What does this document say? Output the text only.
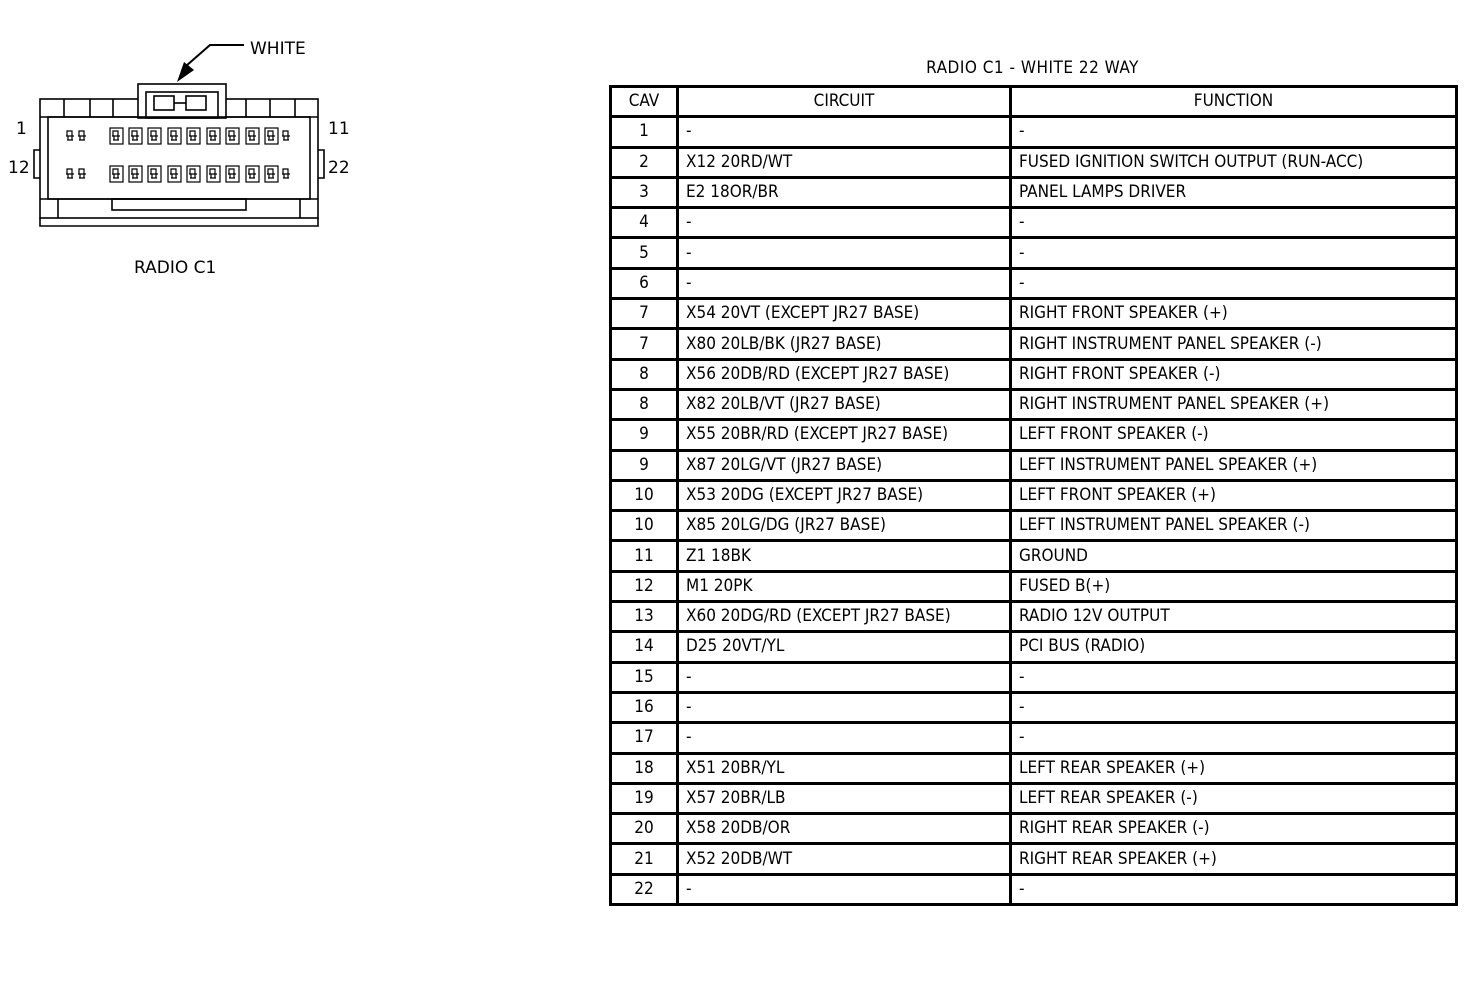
WHITE
1	11
12	22
RADIO C1
RADIO C1 - WHITE 22 WAY
CAV	CIRCUIT	FUNCTION
1	-	-
2	X12 20RD/WT	FUSED IGNITION SWITCH OUTPUT (RUN-ACC)
3	E2 18OR/BR	PANEL LAMPS DRIVER
4	-	-
5	-	-
6	-	-
7	X54 20VT (EXCEPT JR27 BASE)	RIGHT FRONT SPEAKER (+)
7	X80 20LB/BK (JR27 BASE)	RIGHT INSTRUMENT PANEL SPEAKER (-)
8	X56 20DB/RD (EXCEPT JR27 BASE)	RIGHT FRONT SPEAKER (-)
8	X82 20LB/VT (JR27 BASE)	RIGHT INSTRUMENT PANEL SPEAKER (+)
9	X55 20BR/RD (EXCEPT JR27 BASE)	LEFT FRONT SPEAKER (-)
9	X87 20LG/VT (JR27 BASE)	LEFT INSTRUMENT PANEL SPEAKER (+)
10	X53 20DG (EXCEPT JR27 BASE)	LEFT FRONT SPEAKER (+)
10	X85 20LG/DG (JR27 BASE)	LEFT INSTRUMENT PANEL SPEAKER (-)
11	Z1 18BK	GROUND
12	M1 20PK	FUSED B(+)
13	X60 20DG/RD (EXCEPT JR27 BASE)	RADIO 12V OUTPUT
14	D25 20VT/YL	PCI BUS (RADIO)
15	-	-
16	-	-
17	-	-
18	X51 20BR/YL	LEFT REAR SPEAKER (+)
19	X57 20BR/LB	LEFT REAR SPEAKER (-)
20	X58 20DB/OR	RIGHT REAR SPEAKER (-)
21	X52 20DB/WT	RIGHT REAR SPEAKER (+)
22	-	-
